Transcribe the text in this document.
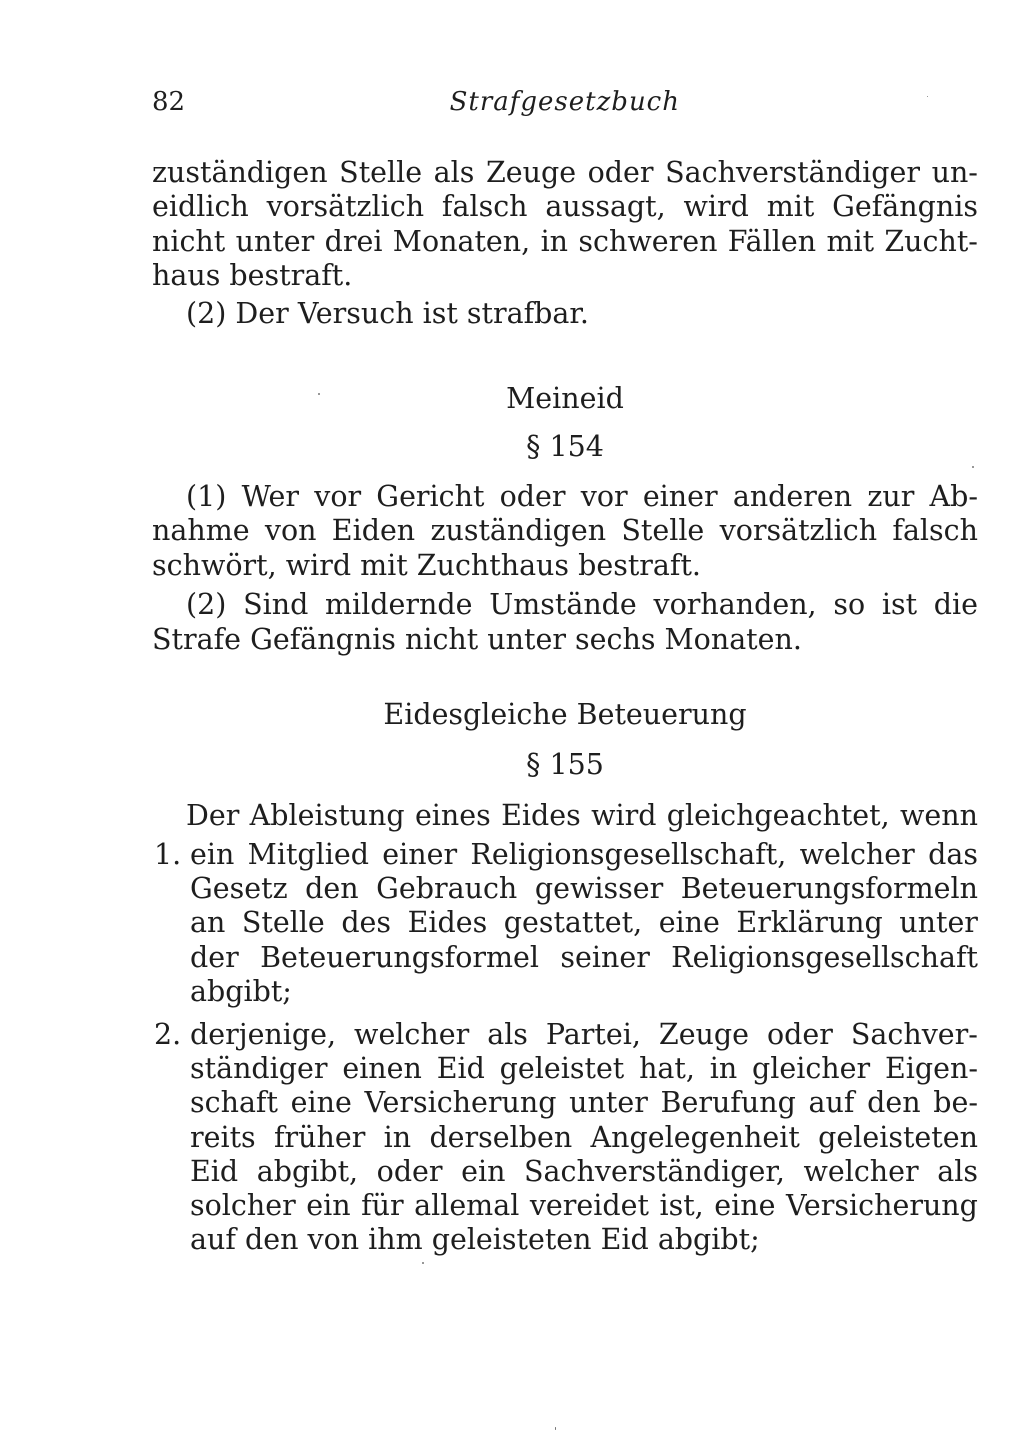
82	Strafgesetzbuch
zuständigen Stelle als Zeuge oder Sachverständiger un-
eidlich vorsätzlich falsch aussagt, wird mit Gefängnis
nicht unter drei Monaten, in schweren Fällen mit Zucht-
haus bestraft.
(2) Der Versuch ist strafbar.
Meineid
§ 154
(1) Wer vor Gericht oder vor einer anderen zur Ab-
nahme von Eiden zuständigen Stelle vorsätzlich falsch
schwört, wird mit Zuchthaus bestraft.
(2) Sind mildernde Umstände vorhanden, so ist die
Strafe Gefängnis nicht unter sechs Monaten.
Eidesgleiche Beteuerung
§ 155
Der Ableistung eines Eides wird gleichgeachtet, wenn
1. ein Mitglied einer Religionsgesellschaft, welcher das
Gesetz den Gebrauch gewisser Beteuerungsformeln
an Stelle des Eides gestattet, eine Erklärung unter
der Beteuerungsformel seiner Religionsgesellschaft
abgibt;
2. derjenige, welcher als Partei, Zeuge oder Sachver-
ständiger einen Eid geleistet hat, in gleicher Eigen-
schaft eine Versicherung unter Berufung auf den be-
reits früher in derselben Angelegenheit geleisteten
Eid abgibt, oder ein Sachverständiger, welcher als
solcher ein für allemal vereidet ist, eine Versicherung
auf den von ihm geleisteten Eid abgibt;
